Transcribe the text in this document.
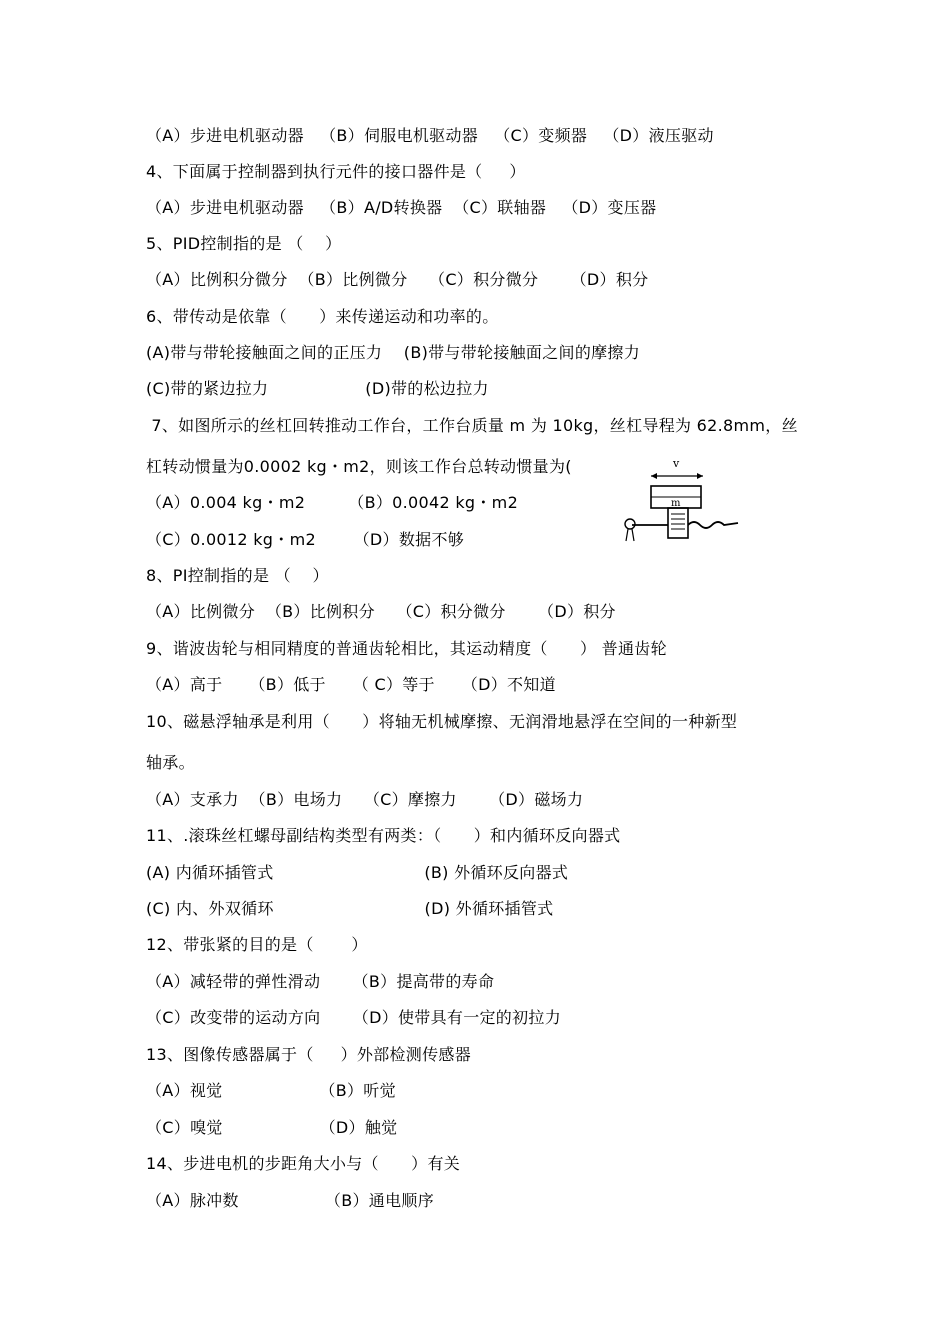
（A）步进电机驱动器   （B）伺服电机驱动器   （C）变频器   （D）液压驱动
4、下面属于控制器到执行元件的接口器件是（     ）
（A）步进电机驱动器   （B）A/D转换器  （C）联轴器   （D）变压器
5、PID控制指的是 （    ）
（A）比例积分微分  （B）比例微分    （C）积分微分      （D）积分
6、带传动是依靠（      ）来传递运动和功率的。
(A)带与带轮接触面之间的正压力    (B)带与带轮接触面之间的摩擦力
(C)带的紧边拉力                  (D)带的松边拉力
7、如图所示的丝杠回转推动工作台，工作台质量 m 为 10kg，丝杠导程为 62.8mm，丝
杠转动惯量为0.0002 kg・m2，则该工作台总转动惯量为(
（A）0.004 kg・m2        （B）0.0042 kg・m2
（C）0.0012 kg・m2       （D）数据不够
v
m
8、PI控制指的是 （    ）
（A）比例微分  （B）比例积分    （C）积分微分      （D）积分
9、谐波齿轮与相同精度的普通齿轮相比，其运动精度（      ） 普通齿轮
（A）高于     （B）低于     （ C）等于     （D）不知道
10、磁悬浮轴承是利用（      ）将轴无机械摩擦、无润滑地悬浮在空间的一种新型
轴承。
（A）支承力  （B）电场力    （C）摩擦力      （D）磁场力
11、.滚珠丝杠螺母副结构类型有两类：（      ）和内循环反向器式
(A) 内循环插管式                            (B) 外循环反向器式
(C) 内、外双循环                            (D) 外循环插管式
12、带张紧的目的是（       ）
（A）减轻带的弹性滑动      （B）提高带的寿命
（C）改变带的运动方向      （D）使带具有一定的初拉力
13、图像传感器属于（     ）外部检测传感器
（A）视觉                  （B）听觉
（C）嗅觉                  （D）触觉
14、步进电机的步距角大小与（      ）有关
（A）脉冲数                （B）通电顺序
